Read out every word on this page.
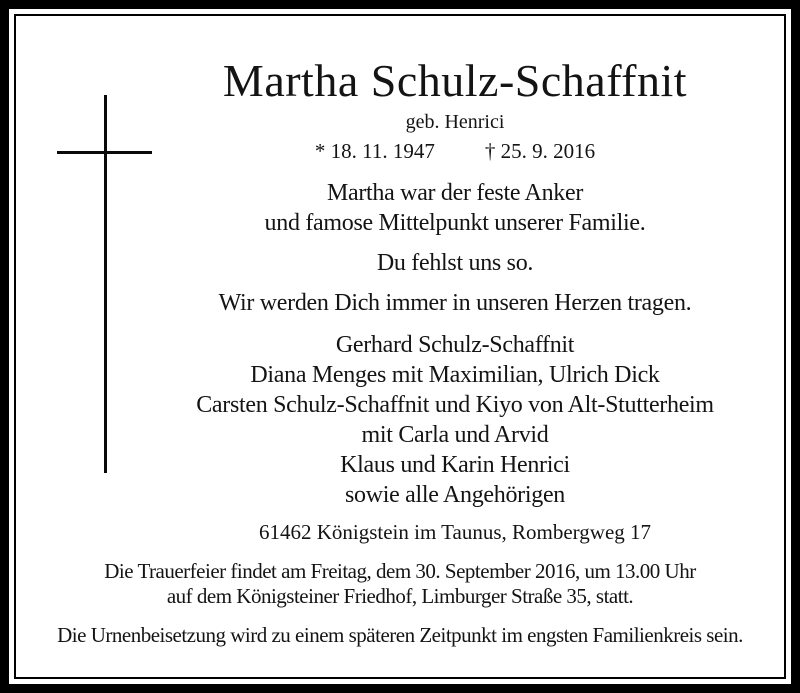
Martha Schulz-Schaffnit
geb. Henrici
* 18. 11. 1947 † 25. 9. 2016
Martha war der feste Anker
und famose Mittelpunkt unserer Familie.
Du fehlst uns so.
Wir werden Dich immer in unseren Herzen tragen.
Gerhard Schulz-Schaffnit
Diana Menges mit Maximilian, Ulrich Dick
Carsten Schulz-Schaffnit und Kiyo von Alt-Stutterheim
mit Carla und Arvid
Klaus und Karin Henrici
sowie alle Angehörigen
61462 Königstein im Taunus, Rombergweg 17
Die Trauerfeier findet am Freitag, dem 30. September 2016, um 13.00 Uhr
auf dem Königsteiner Friedhof, Limburger Straße 35, statt.
Die Urnenbeisetzung wird zu einem späteren Zeitpunkt im engsten Familienkreis sein.
